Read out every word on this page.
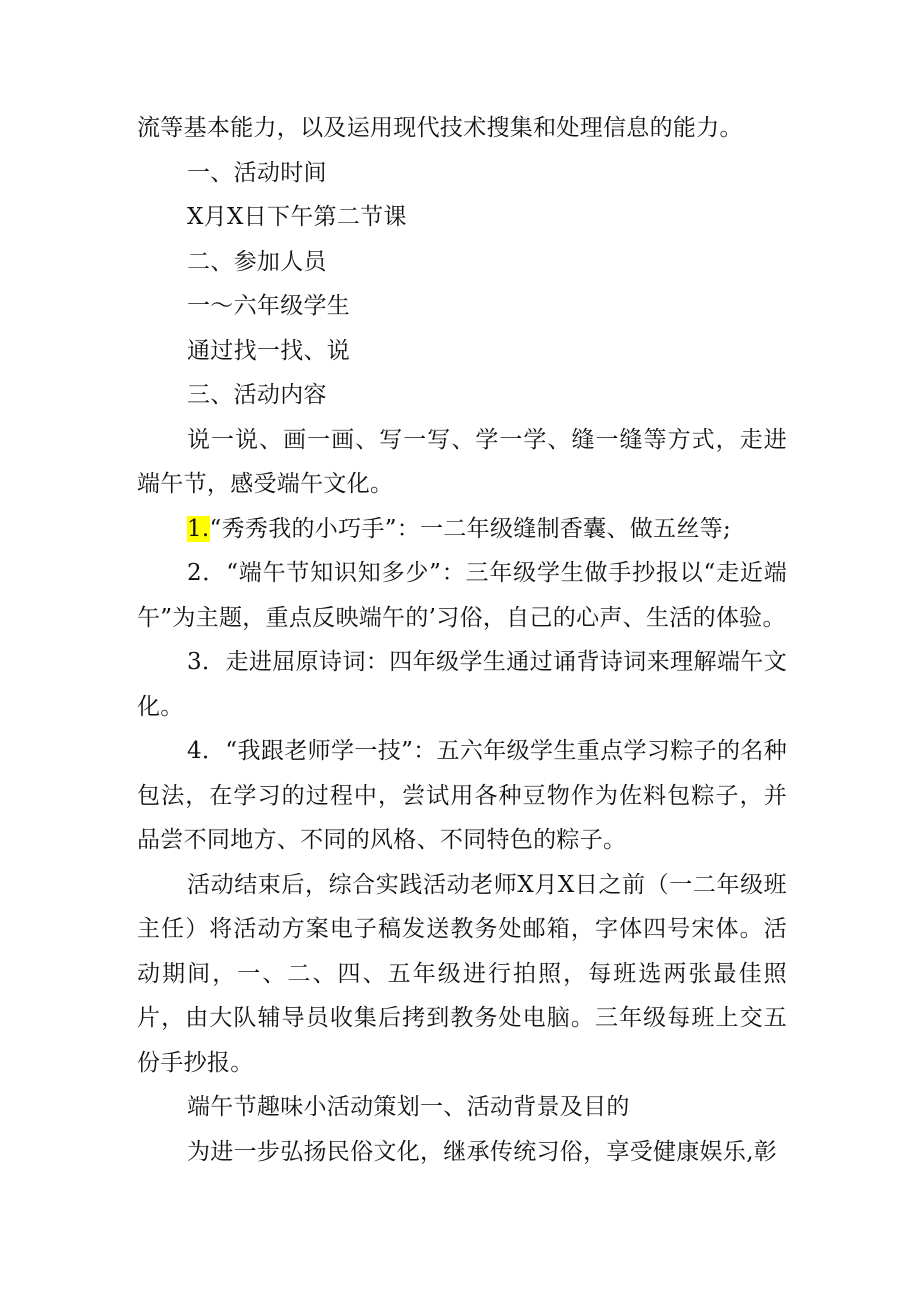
流等基本能力，以及运用现代技术搜集和处理信息的能力。

一、活动时间

X月X日下午第二节课

二、参加人员

一～六年级学生

通过找一找、说

三、活动内容

说一说、画一画、写一写、学一学、缝一缝等方式，走进端午节，感受端午文化。

1.“秀秀我的小巧手”：一二年级缝制香囊、做五丝等;

2．“端午节知识知多少”：三年级学生做手抄报以“走近端午”为主题，重点反映端午的’习俗，自己的心声、生活的体验。

3．走进屈原诗词：四年级学生通过诵背诗词来理解端午文化。

4．“我跟老师学一技”：五六年级学生重点学习粽子的名种包法，在学习的过程中，尝试用各种豆物作为佐料包粽子，并品尝不同地方、不同的风格、不同特色的粽子。

活动结束后，综合实践活动老师X月X日之前（一二年级班主任）将活动方案电子稿发送教务处邮箱，字体四号宋体。活动期间，一、二、四、五年级进行拍照，每班选两张最佳照片，由大队辅导员收集后拷到教务处电脑。三年级每班上交五份手抄报。

端午节趣味小活动策划一、活动背景及目的

为进一步弘扬民俗文化，继承传统习俗，享受健康娱乐,彰
